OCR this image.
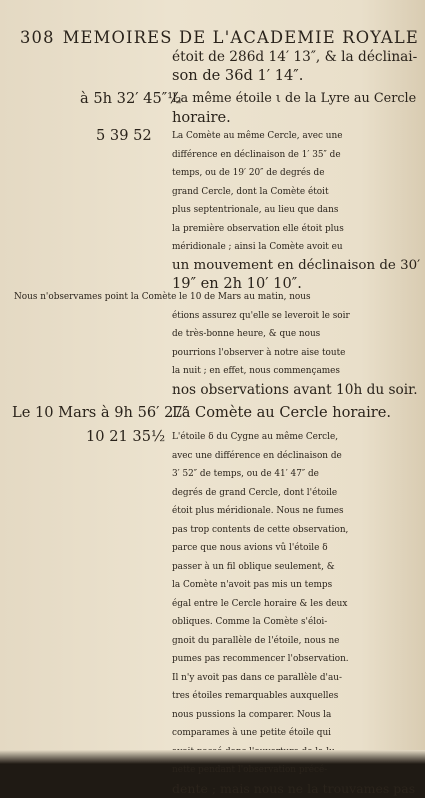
308 MEMOIRES DE L'ACADEMIE ROYALE
étoit de 286d 14′ 13″, & la déclinai-
son de 36d 1′ 14″.
à 5h 32′ 45″½
La même étoile ι de la Lyre au Cercle
horaire.
5 39 52 La Comète au même Cercle, avec une
différence en déclinaison de 1′ 35″ de
temps, ou de 19′ 20″ de degrés de
grand Cercle, dont la Comète étoit
plus septentrionale, au lieu que dans
la première observation elle étoit plus
méridionale ; ainsi la Comète avoit eu
un mouvement en déclinaison de 30′
19″ en 2h 10′ 10″.
Nous n'observames point la Comète le 10 de Mars au matin, nous
étions assurez qu'elle se leveroit le soir
de très-bonne heure, & que nous
pourrions l'observer à notre aise toute
la nuit ; en effet, nous commençames
nos observations avant 10h du soir.
Le 10 Mars à 9h 56′ 27″
La Comète au Cercle horaire.
10 21 35½ L'étoile δ du Cygne au même Cercle,
avec une différence en déclinaison de
3′ 52″ de temps, ou de 41′ 47″ de
degrés de grand Cercle, dont l'étoile
étoit plus méridionale. Nous ne fumes
pas trop contents de cette observation,
parce que nous avions vû l'étoile δ
passer à un fil oblique seulement, &
la Comète n'avoit pas mis un temps
égal entre le Cercle horaire & les deux
obliques. Comme la Comète s'éloi-
gnoit du parallèle de l'étoile, nous ne
pumes pas recommencer l'observation.
Il n'y avoit pas dans ce parallèle d'au-
tres étoiles remarquables auxquelles
nous pussions la comparer. Nous la
comparames à une petite étoile qui
nette pendant l'observation précé-
dente ; mais nous ne la trouvames pas
